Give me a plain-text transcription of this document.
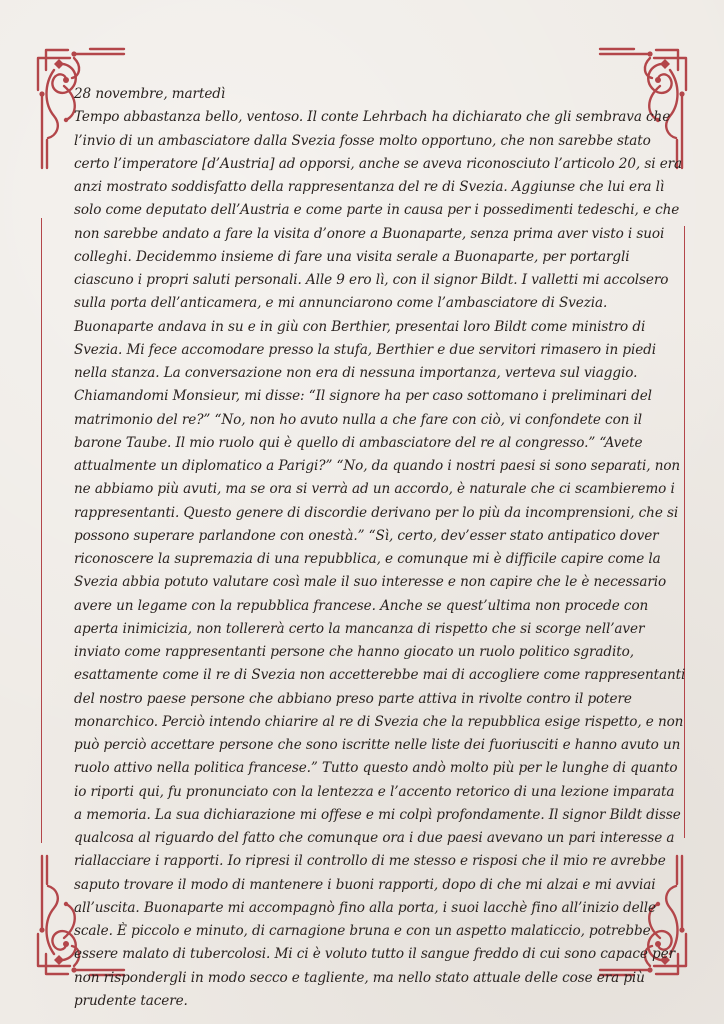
28 novembre, martedì

Tempo abbastanza bello, ventoso. Il conte Lehrbach ha dichiarato che gli sembrava che l’invio di un ambasciatore dalla Svezia fosse molto opportuno, che non sarebbe stato certo l’imperatore [d’Austria] ad opporsi, anche se aveva riconosciuto l’articolo 20, si era anzi mostrato soddisfatto della rappresentanza del re di Svezia. Aggiunse che lui era lì solo come deputato dell’Austria e come parte in causa per i possedimenti tedeschi, e che non sarebbe andato a fare la visita d’onore a Buonaparte, senza prima aver visto i suoi colleghi. Decidemmo insieme di fare una visita serale a Buonaparte, per portargli ciascuno i propri saluti personali. Alle 9 ero lì, con il signor Bildt. I valletti mi accolsero sulla porta dell’anticamera, e mi annunciarono come l’ambasciatore di Svezia. Buonaparte andava in su e in giù con Berthier, presentai loro Bildt come ministro di Svezia. Mi fece accomodare presso la stufa, Berthier e due servitori rimasero in piedi nella stanza. La conversazione non era di nessuna importanza, verteva sul viaggio. Chiamandomi Monsieur, mi disse: “Il signore ha per caso sottomano i preliminari del matrimonio del re?” “No, non ho avuto nulla a che fare con ciò, vi confondete con il barone Taube. Il mio ruolo qui è quello di ambasciatore del re al congresso.” “Avete attualmente un diplomatico a Parigi?” “No, da quando i nostri paesi si sono separati, non ne abbiamo più avuti, ma se ora si verrà ad un accordo, è naturale che ci scambieremo i rappresentanti. Questo genere di discordie derivano per lo più da incomprensioni, che si possono superare parlandone con onestà.” “Sì, certo, dev’esser stato antipatico dover riconoscere la supremazia di una repubblica, e comunque mi è difficile capire come la Svezia abbia potuto valutare così male il suo interesse e non capire che le è necessario avere un legame con la repubblica francese. Anche se quest’ultima non procede con aperta inimicizia, non tollererà certo la mancanza di rispetto che si scorge nell’aver inviato come rappresentanti persone che hanno giocato un ruolo politico sgradito, esattamente come il re di Svezia non accetterebbe mai di accogliere come rappresentanti del nostro paese persone che abbiano preso parte attiva in rivolte contro il potere monarchico. Perciò intendo chiarire al re di Svezia che la repubblica esige rispetto, e non può perciò accettare persone che sono iscritte nelle liste dei fuoriusciti e hanno avuto un ruolo attivo nella politica francese.” Tutto questo andò molto più per le lunghe di quanto io riporti qui, fu pronunciato con la lentezza e l’accento retorico di una lezione imparata a memoria. La sua dichiarazione mi offese e mi colpì profondamente. Il signor Bildt disse qualcosa al riguardo del fatto che comunque ora i due paesi avevano un pari interesse a riallacciare i rapporti. Io ripresi il controllo di me stesso e risposi che il mio re avrebbe saputo trovare il modo di mantenere i buoni rapporti, dopo di che mi alzai e mi avviai all’uscita. Buonaparte mi accompagnò fino alla porta, i suoi lacchè fino all’inizio delle scale. È piccolo e minuto, di carnagione bruna e con un aspetto malaticcio, potrebbe essere malato di tubercolosi. Mi ci è voluto tutto il sangue freddo di cui sono capace per non rispondergli in modo secco e tagliente, ma nello stato attuale delle cose era più prudente tacere.
